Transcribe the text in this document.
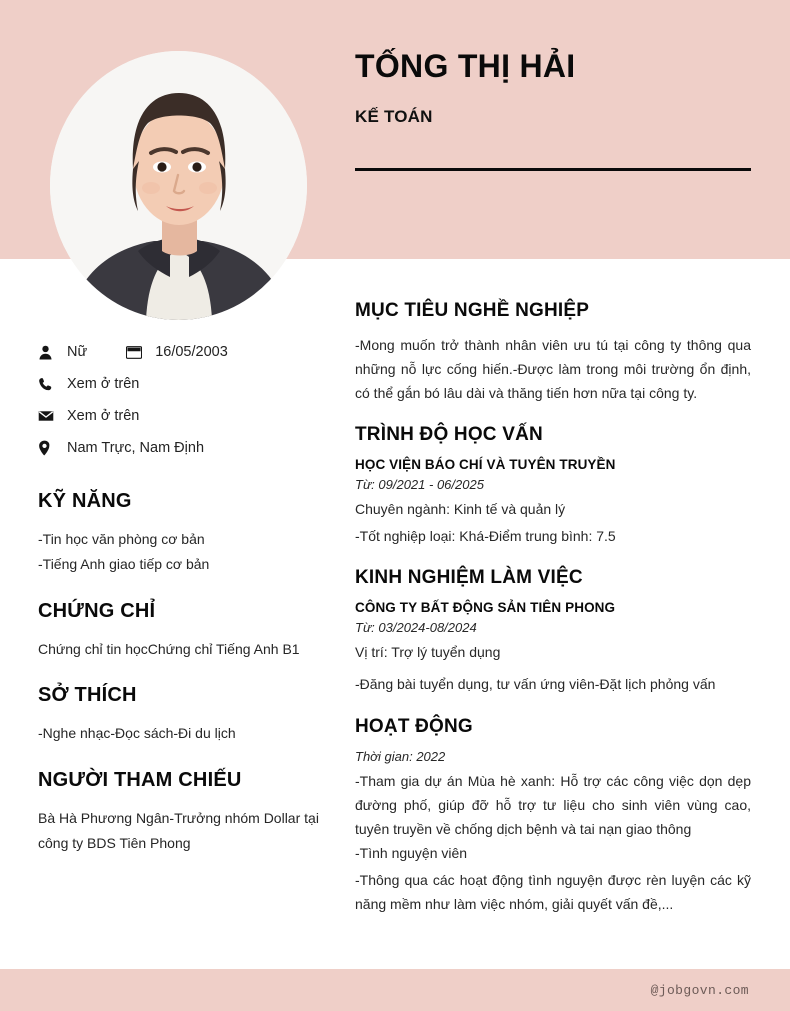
TỐNG THỊ HẢI
KẾ TOÁN
Nữ	16/05/2003
Xem ở trên
Xem ở trên
Nam Trực, Nam Định
KỸ NĂNG

-Tin học văn phòng cơ bản

-Tiếng Anh giao tiếp cơ bản

CHỨNG CHỈ

Chứng chỉ tin họcChứng chỉ Tiếng Anh B1

SỞ THÍCH

-Nghe nhạc-Đọc sách-Đi du lịch

NGƯỜI THAM CHIẾU

Bà Hà Phương Ngân-Trưởng nhóm Dollar tại công ty BDS Tiên Phong

MỤC TIÊU NGHỀ NGHIỆP

-Mong muốn trở thành nhân viên ưu tú tại công ty thông qua những nỗ lực cống hiến.-Được làm trong môi trường ổn định, có thể gắn bó lâu dài và thăng tiến hơn nữa tại công ty.

TRÌNH ĐỘ HỌC VẤN
HỌC VIỆN BÁO CHÍ VÀ TUYÊN TRUYỀN
Từ: 09/2021 - 06/2025

Chuyên ngành: Kinh tế và quản lý

-Tốt nghiệp loại: Khá-Điểm trung bình: 7.5

KINH NGHIỆM LÀM VIỆC
CÔNG TY BẤT ĐỘNG SẢN TIÊN PHONG
Từ: 03/2024-08/2024

Vị trí: Trợ lý tuyển dụng

-Đăng bài tuyển dụng, tư vấn ứng viên-Đặt lịch phỏng vấn

HOẠT ĐỘNG
Thời gian: 2022

-Tham gia dự án Mùa hè xanh: Hỗ trợ các công việc dọn dẹp đường phố, giúp đỡ hỗ trợ tư liệu cho sinh viên vùng cao, tuyên truyền về chống dịch bệnh và tai nạn giao thông

-Tình nguyện viên

-Thông qua các hoạt động tình nguyện được rèn luyện các kỹ năng mềm như làm việc nhóm, giải quyết vấn đề,...

@jobgovn.com
